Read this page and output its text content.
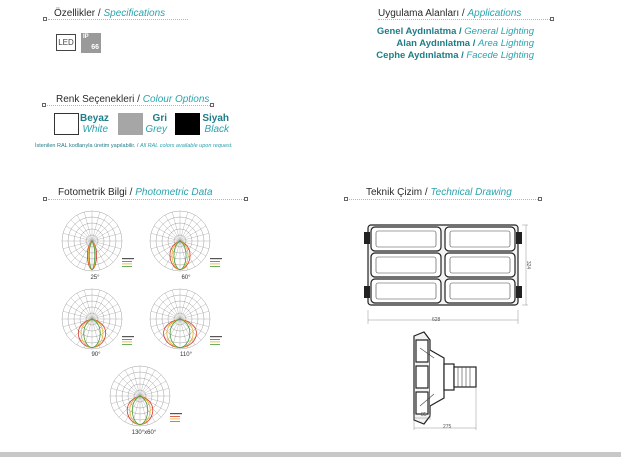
Özellikler / Specifications
LED
IP
66
Uygulama Alanları / Applications
Genel Aydınlatma / General Lighting
Alan Aydınlatma / Area Lighting
Cephe Aydınlatma / Facede Lighting
Renk Seçenekleri / Colour Options
Beyaz
White
Gri
Grey
Siyah
Black
İstenilen RAL kodlarıyla üretim yapılabilir. / All RAL colors available upon request.
Fotometrik Bilgi / Photometric Data
25°	60°
90°	110°
130°x60°
Teknik Çizim / Technical Drawing
628
324
85
275
